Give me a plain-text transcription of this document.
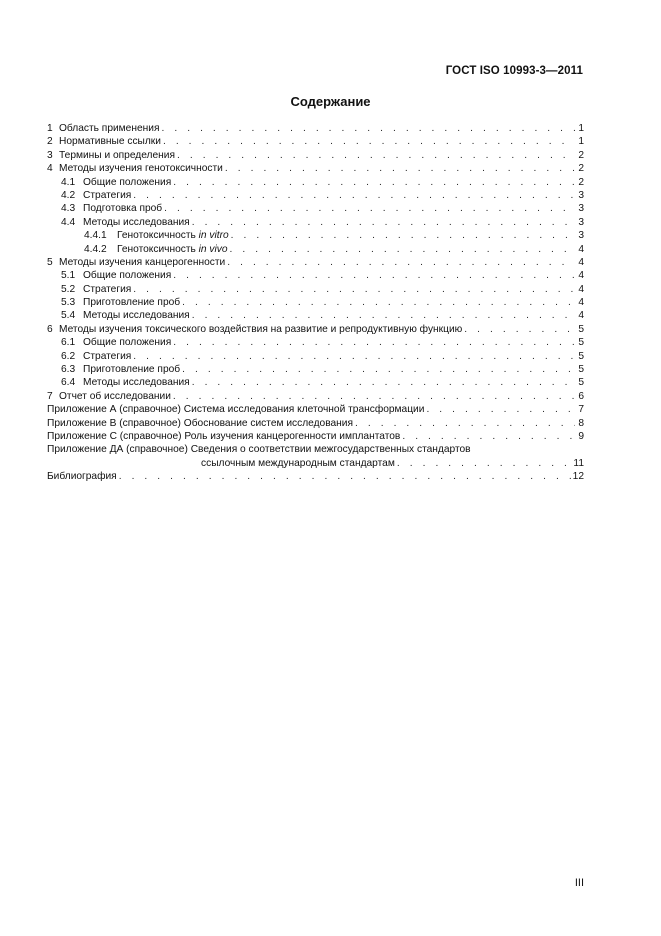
ГОСТ ISO 10993-3—2011
Содержание
1 Область применения . . .	1
2 Нормативные ссылки . . .	1
3 Термины и определения . . .	2
4 Методы изучения генотоксичности . . .	2
4.1 Общие положения . . .	2
4.2 Стратегия . . .	3
4.3 Подготовка проб . . .	3
4.4 Методы исследования . . .	3
4.4.1 Генотоксичность in vitro . . .	3
4.4.2 Генотоксичность in vivo . . .	4
5 Методы изучения канцерогенности . . .	4
5.1 Общие положения . . .	4
5.2 Стратегия . . .	4
5.3 Приготовление проб . . .	4
5.4 Методы исследования . . .	4
6 Методы изучения токсического воздействия на развитие и репродуктивную функцию . . .	5
6.1 Общие положения . . .	5
6.2 Стратегия . . .	5
6.3 Приготовление проб . . .	5
6.4 Методы исследования . . .	5
7 Отчет об исследовании . . .	6
Приложение А (справочное) Система исследования клеточной трансформации . . .	7
Приложение В (справочное) Обоснование систем исследования . . .	8
Приложение С (справочное) Роль изучения канцерогенности имплантатов . . .	9
Приложение ДА (справочное) Сведения о соответствии межгосударственных стандартов
ссылочным международным стандартам . . .	11
Библиография . . .	12
III
